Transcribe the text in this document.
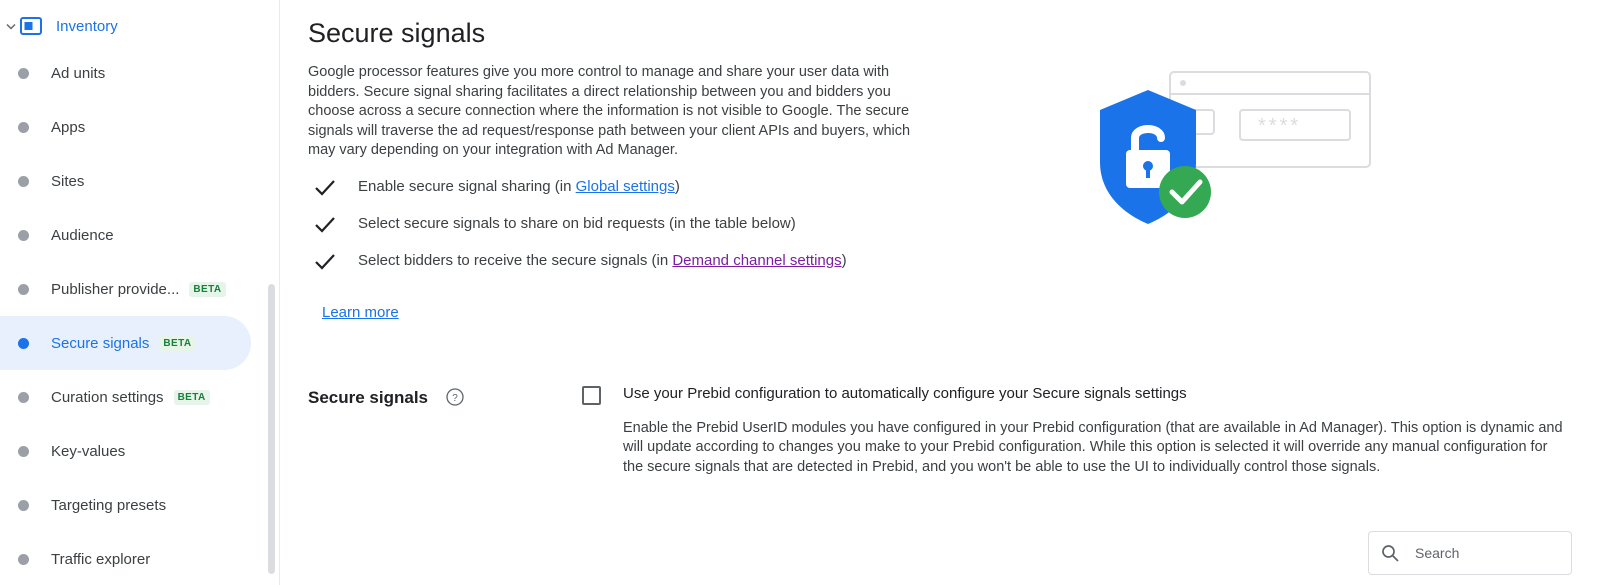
Inventory
Ad units
Apps
Sites
Audience
Publisher provide...	BETA
Secure signals	BETA
Curation settings	BETA
Key-values
Targeting presets
Traffic explorer
Secure signals
Google processor features give you more control to manage and share your user data with bidders. Secure signal sharing facilitates a direct relationship between you and bidders you choose across a secure connection where the information is not visible to Google. The secure signals will traverse the ad request/response path between your client APIs and buyers, which may vary depending on your integration with Ad Manager.
Enable secure signal sharing (in Global settings)
Select secure signals to share on bid requests (in the table below)
Select bidders to receive the secure signals (in Demand channel settings)
Learn more
****
Secure signals ?	Use your Prebid configuration to automatically configure your Secure signals settings
Enable the Prebid UserID modules you have configured in your Prebid configuration (that are available in Ad Manager). This option is dynamic and will update according to changes you make to your Prebid configuration. While this option is selected it will override any manual configuration for the secure signals that are detected in Prebid, and you won't be able to use the UI to individually control those signals.
Search
